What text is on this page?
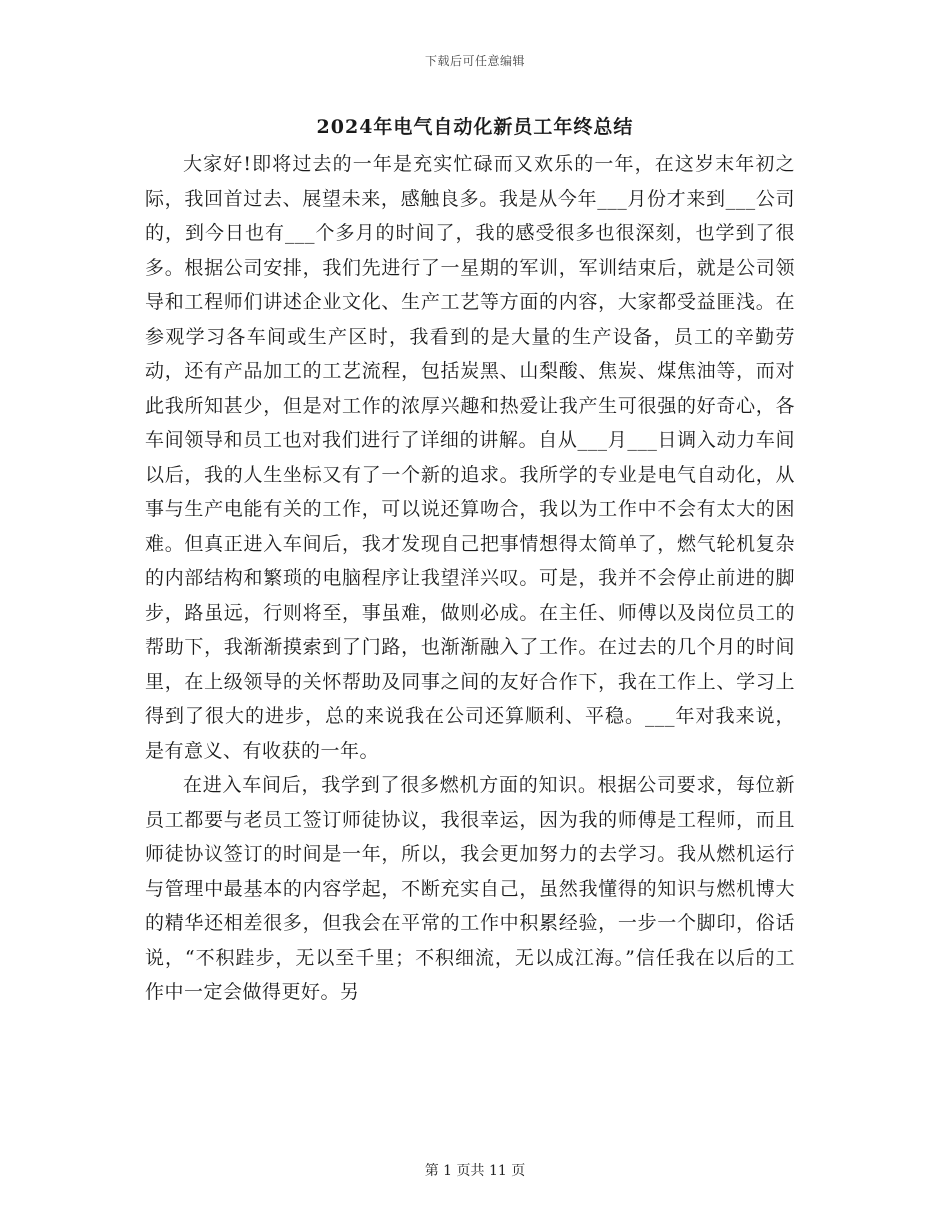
下载后可任意编辑
2024年电气自动化新员工年终总结

大家好!即将过去的一年是充实忙碌而又欢乐的一年，在这岁末年初之际，我回首过去、展望未来，感触良多。我是从今年___月份才来到___公司的，到今日也有___个多月的时间了，我的感受很多也很深刻，也学到了很多。根据公司安排，我们先进行了一星期的军训，军训结束后，就是公司领导和工程师们讲述企业文化、生产工艺等方面的内容，大家都受益匪浅。在参观学习各车间或生产区时，我看到的是大量的生产设备，员工的辛勤劳动，还有产品加工的工艺流程，包括炭黑、山梨酸、焦炭、煤焦油等，而对此我所知甚少，但是对工作的浓厚兴趣和热爱让我产生可很强的好奇心，各车间领导和员工也对我们进行了详细的讲解。自从___月___日调入动力车间以后，我的人生坐标又有了一个新的追求。我所学的专业是电气自动化，从事与生产电能有关的工作，可以说还算吻合，我以为工作中不会有太大的困难。但真正进入车间后，我才发现自己把事情想得太简单了，燃气轮机复杂的内部结构和繁琐的电脑程序让我望洋兴叹。可是，我并不会停止前进的脚步，路虽远，行则将至，事虽难，做则必成。在主任、师傅以及岗位员工的帮助下，我渐渐摸索到了门路，也渐渐融入了工作。在过去的几个月的时间里，在上级领导的关怀帮助及同事之间的友好合作下，我在工作上、学习上得到了很大的进步，总的来说我在公司还算顺利、平稳。___年对我来说，是有意义、有收获的一年。

在进入车间后，我学到了很多燃机方面的知识。根据公司要求，每位新员工都要与老员工签订师徒协议，我很幸运，因为我的师傅是工程师，而且师徒协议签订的时间是一年，所以，我会更加努力的去学习。我从燃机运行与管理中最基本的内容学起，不断充实自己，虽然我懂得的知识与燃机博大的精华还相差很多，但我会在平常的工作中积累经验，一步一个脚印，俗话说，“不积跬步，无以至千里；不积细流，无以成江海。”信任我在以后的工作中一定会做得更好。另

第 1 页共 11 页
